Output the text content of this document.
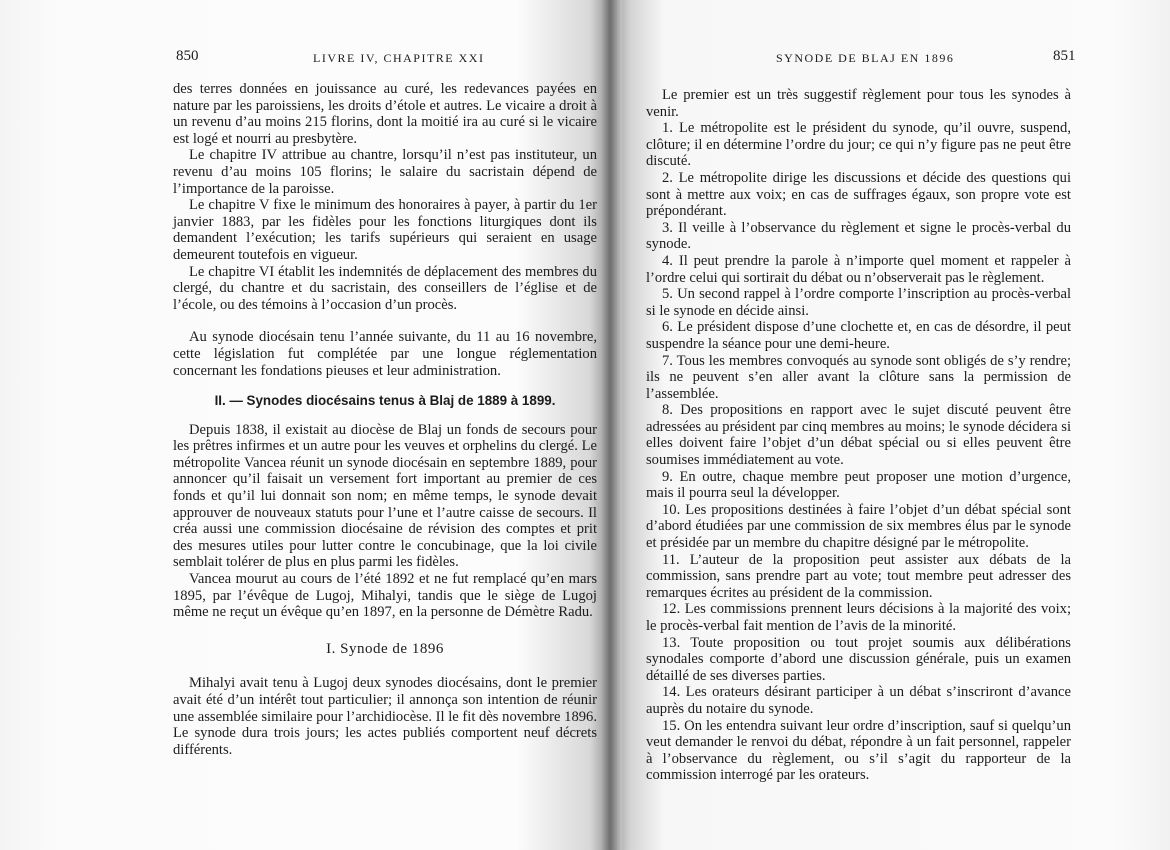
850	LIVRE IV, CHAPITRE XXI

des terres données en jouissance au curé, les redevances payées en nature par les paroissiens, les droits d’étole et autres. Le vicaire a droit à un revenu d’au moins 215 florins, dont la moitié ira au curé si le vicaire est logé et nourri au presbytère.

Le chapitre IV attribue au chantre, lorsqu’il n’est pas instituteur, un revenu d’au moins 105 florins; le salaire du sacristain dépend de l’importance de la paroisse.

Le chapitre V fixe le minimum des honoraires à payer, à partir du 1er janvier 1883, par les fidèles pour les fonctions liturgiques dont ils demandent l’exécution; les tarifs supérieurs qui seraient en usage demeurent toutefois en vigueur.

Le chapitre VI établit les indemnités de déplacement des membres du clergé, du chantre et du sacristain, des conseillers de l’église et de l’école, ou des témoins à l’occasion d’un procès.

Au synode diocésain tenu l’année suivante, du 11 au 16 novembre, cette législation fut complétée par une longue réglementation concernant les fondations pieuses et leur administration.

II. — Synodes diocésains tenus à Blaj de 1889 à 1899.

Depuis 1838, il existait au diocèse de Blaj un fonds de secours pour les prêtres infirmes et un autre pour les veuves et orphelins du clergé. Le métropolite Vancea réunit un synode diocésain en septembre 1889, pour annoncer qu’il faisait un versement fort important au premier de ces fonds et qu’il lui donnait son nom; en même temps, le synode devait approuver de nouveaux statuts pour l’une et l’autre caisse de secours. Il créa aussi une commission diocésaine de révision des comptes et prit des mesures utiles pour lutter contre le concubinage, que la loi civile semblait tolérer de plus en plus parmi les fidèles.

Vancea mourut au cours de l’été 1892 et ne fut remplacé qu’en mars 1895, par l’évêque de Lugoj, Mihalyi, tandis que le siège de Lugoj même ne reçut un évêque qu’en 1897, en la personne de Démètre Radu.

I. Synode de 1896

Mihalyi avait tenu à Lugoj deux synodes diocésains, dont le premier avait été d’un intérêt tout particulier; il annonça son intention de réunir une assemblée similaire pour l’archidiocèse. Il le fit dès novembre 1896. Le synode dura trois jours; les actes publiés comportent neuf décrets différents.

SYNODE DE BLAJ EN 1896	851

Le premier est un très suggestif règlement pour tous les synodes à venir.

1. Le métropolite est le président du synode, qu’il ouvre, suspend, clôture; il en détermine l’ordre du jour; ce qui n’y figure pas ne peut être discuté.

2. Le métropolite dirige les discussions et décide des questions qui sont à mettre aux voix; en cas de suffrages égaux, son propre vote est prépondérant.

3. Il veille à l’observance du règlement et signe le procès-verbal du synode.

4. Il peut prendre la parole à n’importe quel moment et rappeler à l’ordre celui qui sortirait du débat ou n’observerait pas le règlement.

5. Un second rappel à l’ordre comporte l’inscription au procès-verbal si le synode en décide ainsi.

6. Le président dispose d’une clochette et, en cas de désordre, il peut suspendre la séance pour une demi-heure.

7. Tous les membres convoqués au synode sont obligés de s’y rendre; ils ne peuvent s’en aller avant la clôture sans la permission de l’assemblée.

8. Des propositions en rapport avec le sujet discuté peuvent être adressées au président par cinq membres au moins; le synode décidera si elles doivent faire l’objet d’un débat spécial ou si elles peuvent être soumises immédiatement au vote.

9. En outre, chaque membre peut proposer une motion d’urgence, mais il pourra seul la développer.

10. Les propositions destinées à faire l’objet d’un débat spécial sont d’abord étudiées par une commission de six membres élus par le synode et présidée par un membre du chapitre désigné par le métropolite.

11. L’auteur de la proposition peut assister aux débats de la commission, sans prendre part au vote; tout membre peut adresser des remarques écrites au président de la commission.

12. Les commissions prennent leurs décisions à la majorité des voix; le procès-verbal fait mention de l’avis de la minorité.

13. Toute proposition ou tout projet soumis aux délibérations synodales comporte d’abord une discussion générale, puis un examen détaillé de ses diverses parties.

14. Les orateurs désirant participer à un débat s’inscriront d’avance auprès du notaire du synode.

15. On les entendra suivant leur ordre d’inscription, sauf si quelqu’un veut demander le renvoi du débat, répondre à un fait personnel, rappeler à l’observance du règlement, ou s’il s’agit du rapporteur de la commission interrogé par les orateurs.
